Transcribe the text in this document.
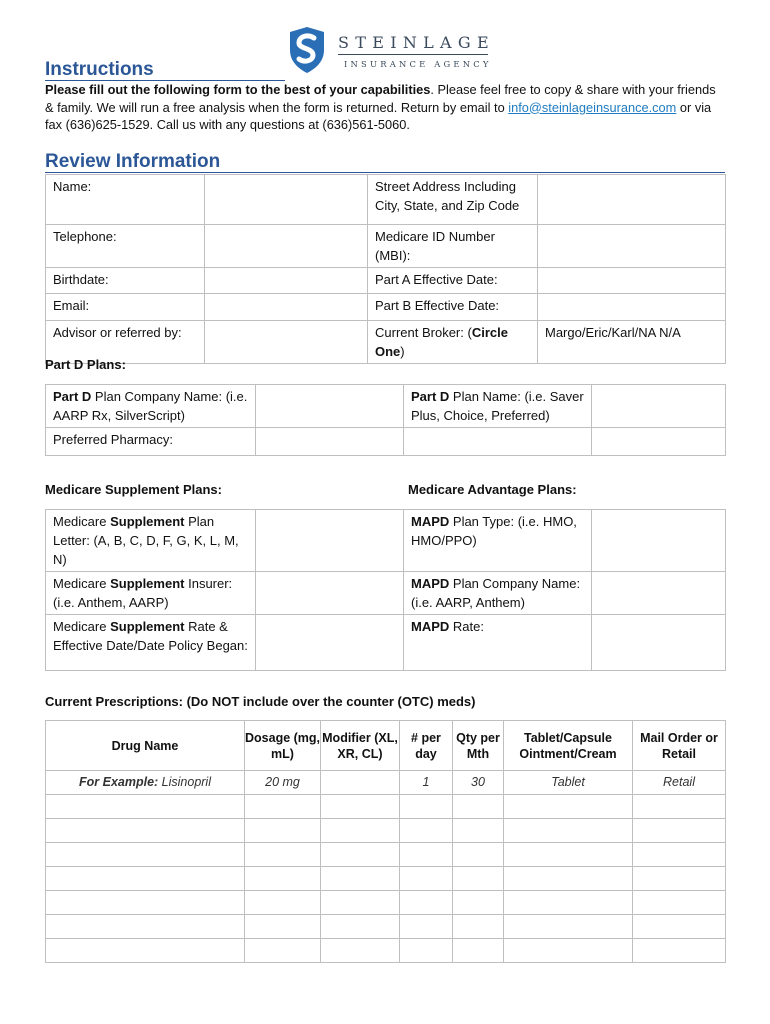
STEINLAGE
INSURANCE AGENCY
Instructions

Please fill out the following form to the best of your capabilities. Please feel free to copy & share with your friends & family. We will run a free analysis when the form is returned. Return by email to info@steinlageinsurance.com or via fax (636)625-1529. Call us with any questions at (636)561-5060.

Review Information
Name:		Street Address Including City, State, and Zip Code	
Telephone:		Medicare ID Number (MBI):	
Birthdate:		Part A Effective Date:	
Email:		Part B Effective Date:	
Advisor or referred by:		Current Broker: (Circle One)	Margo/Eric/Karl/NA N/A
Part D Plans:
Part D Plan Company Name: (i.e. AARP Rx, SilverScript)		Part D Plan Name: (i.e. Saver Plus, Choice, Preferred)	
Preferred Pharmacy:			
Medicare Supplement Plans:	Medicare Advantage Plans:
Medicare Supplement Plan Letter: (A, B, C, D, F, G, K, L, M, N)		MAPD Plan Type: (i.e. HMO, HMO/PPO)	
Medicare Supplement Insurer: (i.e. Anthem, AARP)		MAPD Plan Company Name: (i.e. AARP, Anthem)	
Medicare Supplement Rate & Effective Date/Date Policy Began:		MAPD Rate:	
Current Prescriptions: (Do NOT include over the counter (OTC) meds)
Drug Name	Dosage (mg, mL)	Modifier (XL, XR, CL)	# per day	Qty per Mth	Tablet/Capsule Ointment/Cream	Mail Order or Retail
For Example: Lisinopril	20 mg		1	30	Tablet	Retail
